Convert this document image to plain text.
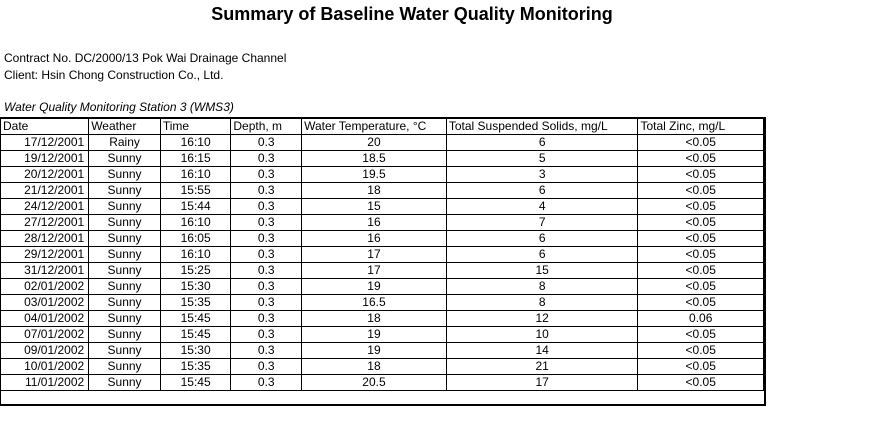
Summary of Baseline Water Quality Monitoring
Contract No. DC/2000/13 Pok Wai Drainage Channel
Client: Hsin Chong Construction Co., Ltd.
Water Quality Monitoring Station 3 (WMS3)
Date	Weather	Time	Depth, m	Water Temperature, °C	Total Suspended Solids, mg/L	Total Zinc, mg/L
17/12/2001	Rainy	16:10	0.3	20	6	<0.05
19/12/2001	Sunny	16:15	0.3	18.5	5	<0.05
20/12/2001	Sunny	16:10	0.3	19.5	3	<0.05
21/12/2001	Sunny	15:55	0.3	18	6	<0.05
24/12/2001	Sunny	15:44	0.3	15	4	<0.05
27/12/2001	Sunny	16:10	0.3	16	7	<0.05
28/12/2001	Sunny	16:05	0.3	16	6	<0.05
29/12/2001	Sunny	16:10	0.3	17	6	<0.05
31/12/2001	Sunny	15:25	0.3	17	15	<0.05
02/01/2002	Sunny	15:30	0.3	19	8	<0.05
03/01/2002	Sunny	15:35	0.3	16.5	8	<0.05
04/01/2002	Sunny	15:45	0.3	18	12	0.06
07/01/2002	Sunny	15:45	0.3	19	10	<0.05
09/01/2002	Sunny	15:30	0.3	19	14	<0.05
10/01/2002	Sunny	15:35	0.3	18	21	<0.05
11/01/2002	Sunny	15:45	0.3	20.5	17	<0.05
